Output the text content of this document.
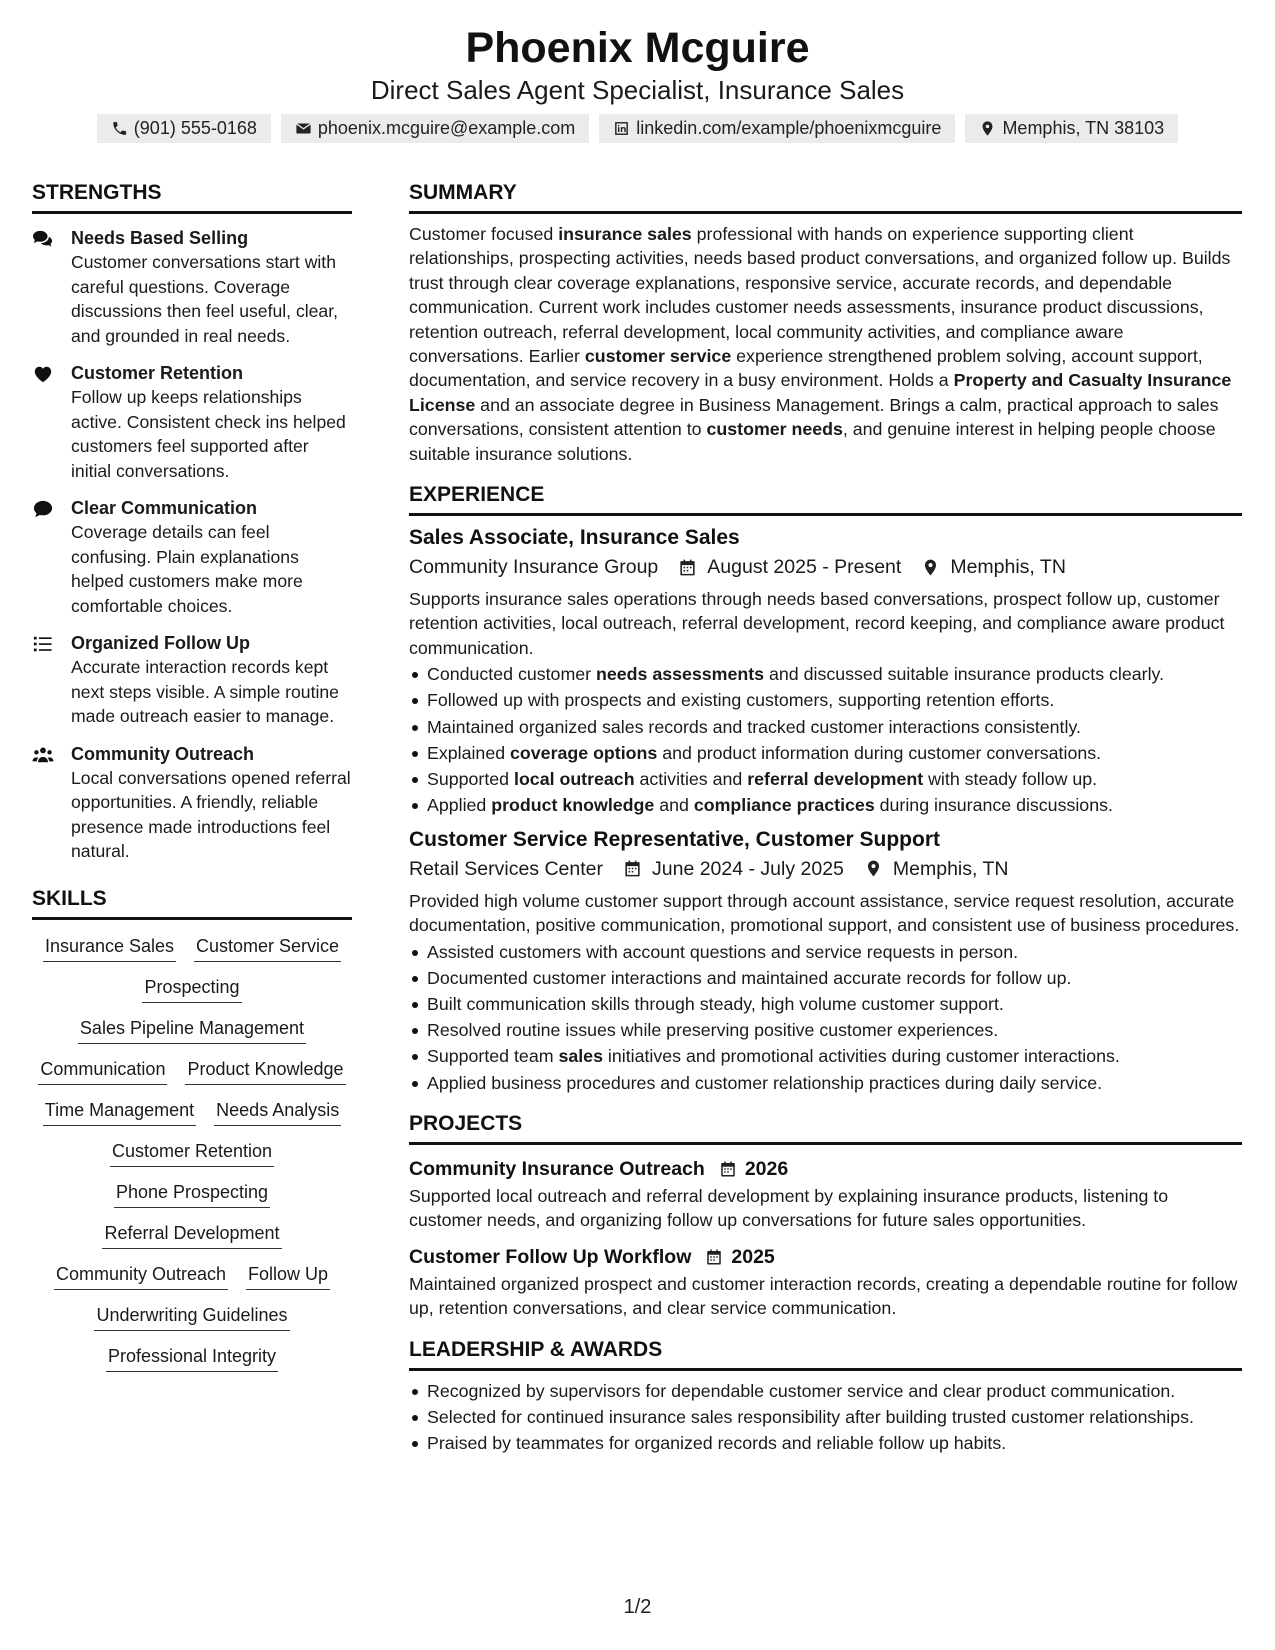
Phoenix Mcguire
Direct Sales Agent Specialist, Insurance Sales
(901) 555-0168	phoenix.mcguire@example.com	linkedin.com/example/phoenixmcguire	Memphis, TN 38103
STRENGTHS
Needs Based Selling
Customer conversations start with careful questions. Coverage discussions then feel useful, clear, and grounded in real needs.
Customer Retention
Follow up keeps relationships active. Consistent check ins helped customers feel supported after initial conversations.
Clear Communication
Coverage details can feel confusing. Plain explanations helped customers make more comfortable choices.
Organized Follow Up
Accurate interaction records kept next steps visible. A simple routine made outreach easier to manage.
Community Outreach
Local conversations opened referral opportunities. A friendly, reliable presence made introductions feel natural.
SKILLS
Insurance Sales Customer Service
Prospecting
Sales Pipeline Management
Communication Product Knowledge
Time Management Needs Analysis
Customer Retention
Phone Prospecting
Referral Development
Community Outreach Follow Up
Underwriting Guidelines
Professional Integrity
SUMMARY

Customer focused insurance sales professional with hands on experience supporting client relationships, prospecting activities, needs based product conversations, and organized follow up. Builds trust through clear coverage explanations, responsive service, accurate records, and dependable communication. Current work includes customer needs assessments, insurance product discussions, retention outreach, referral development, local community activities, and compliance aware conversations. Earlier customer service experience strengthened problem solving, account support, documentation, and service recovery in a busy environment. Holds a Property and Casualty Insurance License and an associate degree in Business Management. Brings a calm, practical approach to sales conversations, consistent attention to customer needs, and genuine interest in helping people choose suitable insurance solutions.

EXPERIENCE
Sales Associate, Insurance Sales
Community Insurance Group	August 2025 - Present	Memphis, TN
Supports insurance sales operations through needs based conversations, prospect follow up, customer retention activities, local outreach, referral development, record keeping, and compliance aware product communication.
Conducted customer needs assessments and discussed suitable insurance products clearly.
Followed up with prospects and existing customers, supporting retention efforts.
Maintained organized sales records and tracked customer interactions consistently.
Explained coverage options and product information during customer conversations.
Supported local outreach activities and referral development with steady follow up.
Applied product knowledge and compliance practices during insurance discussions.
Customer Service Representative, Customer Support
Retail Services Center	June 2024 - July 2025	Memphis, TN
Provided high volume customer support through account assistance, service request resolution, accurate documentation, positive communication, promotional support, and consistent use of business procedures.
Assisted customers with account questions and service requests in person.
Documented customer interactions and maintained accurate records for follow up.
Built communication skills through steady, high volume customer support.
Resolved routine issues while preserving positive customer experiences.
Supported team sales initiatives and promotional activities during customer interactions.
Applied business procedures and customer relationship practices during daily service.
PROJECTS
Community Insurance Outreach 2026
Supported local outreach and referral development by explaining insurance products, listening to customer needs, and organizing follow up conversations for future sales opportunities.
Customer Follow Up Workflow 2025
Maintained organized prospect and customer interaction records, creating a dependable routine for follow up, retention conversations, and clear service communication.
LEADERSHIP & AWARDS
Recognized by supervisors for dependable customer service and clear product communication.
Selected for continued insurance sales responsibility after building trusted customer relationships.
Praised by teammates for organized records and reliable follow up habits.
1/2
